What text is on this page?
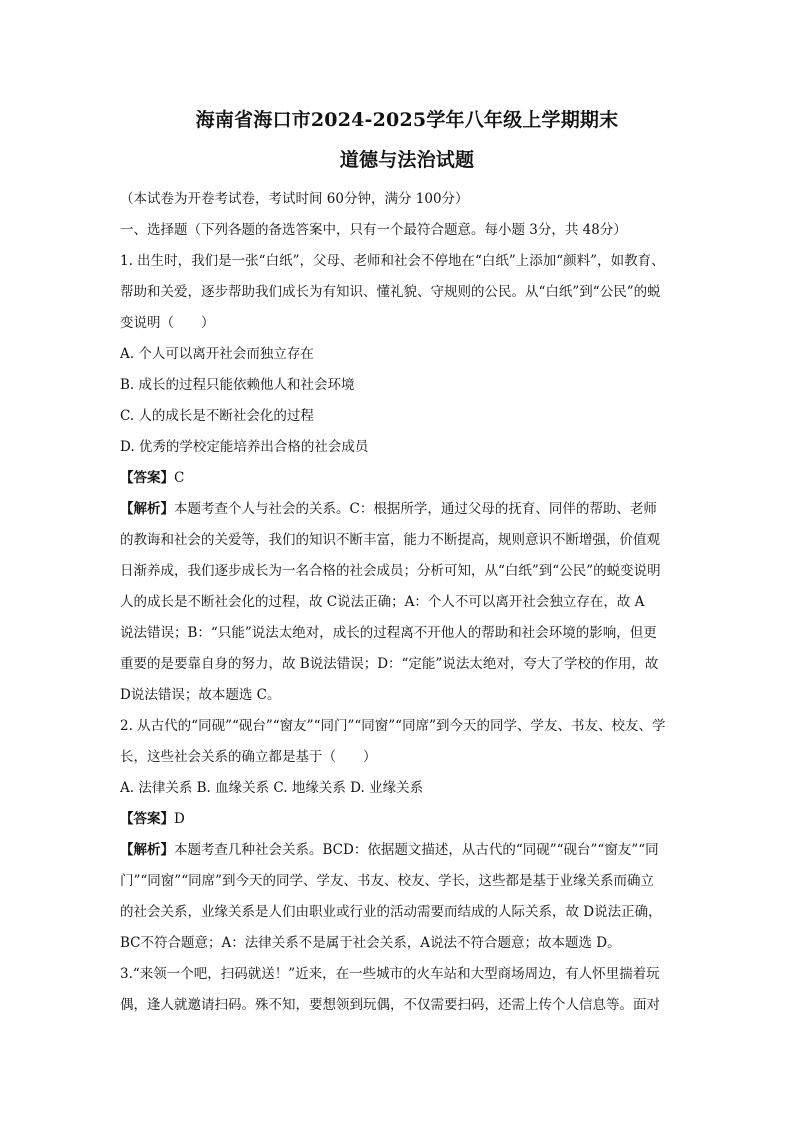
海南省海口市2024-2025学年八年级上学期期末
道德与法治试题
（本试卷为开卷考试卷，考试时间 60分钟，满分 100分）
一、选择题（下列各题的备选答案中，只有一个最符合题意。每小题 3分，共 48分）
1. 出生时，我们是一张“白纸”，父母、老师和社会不停地在“白纸”上添加“颜料”，如教育、
帮助和关爱，逐步帮助我们成长为有知识、懂礼貌、守规则的公民。从“白纸”到“公民”的蜕
变说明（　　）
A. 个人可以离开社会而独立存在
B. 成长的过程只能依赖他人和社会环境
C. 人的成长是不断社会化的过程
D. 优秀的学校定能培养出合格的社会成员
【答案】C
【解析】本题考查个人与社会的关系。C：根据所学，通过父母的抚育、同伴的帮助、老师
的教诲和社会的关爱等，我们的知识不断丰富，能力不断提高，规则意识不断增强，价值观
日渐养成，我们逐步成长为一名合格的社会成员；分析可知，从“白纸”到“公民”的蜕变说明
人的成长是不断社会化的过程，故 C说法正确；A：个人不可以离开社会独立存在，故 A
说法错误；B：“只能”说法太绝对，成长的过程离不开他人的帮助和社会环境的影响，但更
重要的是要靠自身的努力，故 B说法错误；D：“定能”说法太绝对，夸大了学校的作用，故
D说法错误；故本题选 C。
2. 从古代的“同砚”“砚台”“窗友”“同门”“同窗”“同席”到今天的同学、学友、书友、校友、学
长，这些社会关系的确立都是基于（　　）
A. 法律关系 B. 血缘关系 C. 地缘关系 D. 业缘关系
【答案】D
【解析】本题考查几种社会关系。BCD：依据题文描述，从古代的“同砚”“砚台”“窗友”“同
门”“同窗”“同席”到今天的同学、学友、书友、校友、学长，这些都是基于业缘关系而确立
的社会关系，业缘关系是人们由职业或行业的活动需要而结成的人际关系，故 D说法正确，
BC不符合题意；A：法律关系不是属于社会关系，A说法不符合题意；故本题选 D。
3.“来领一个吧，扫码就送！”近来，在一些城市的火车站和大型商场周边，有人怀里揣着玩
偶，逢人就邀请扫码。殊不知，要想领到玩偶，不仅需要扫码，还需上传个人信息等。面对
